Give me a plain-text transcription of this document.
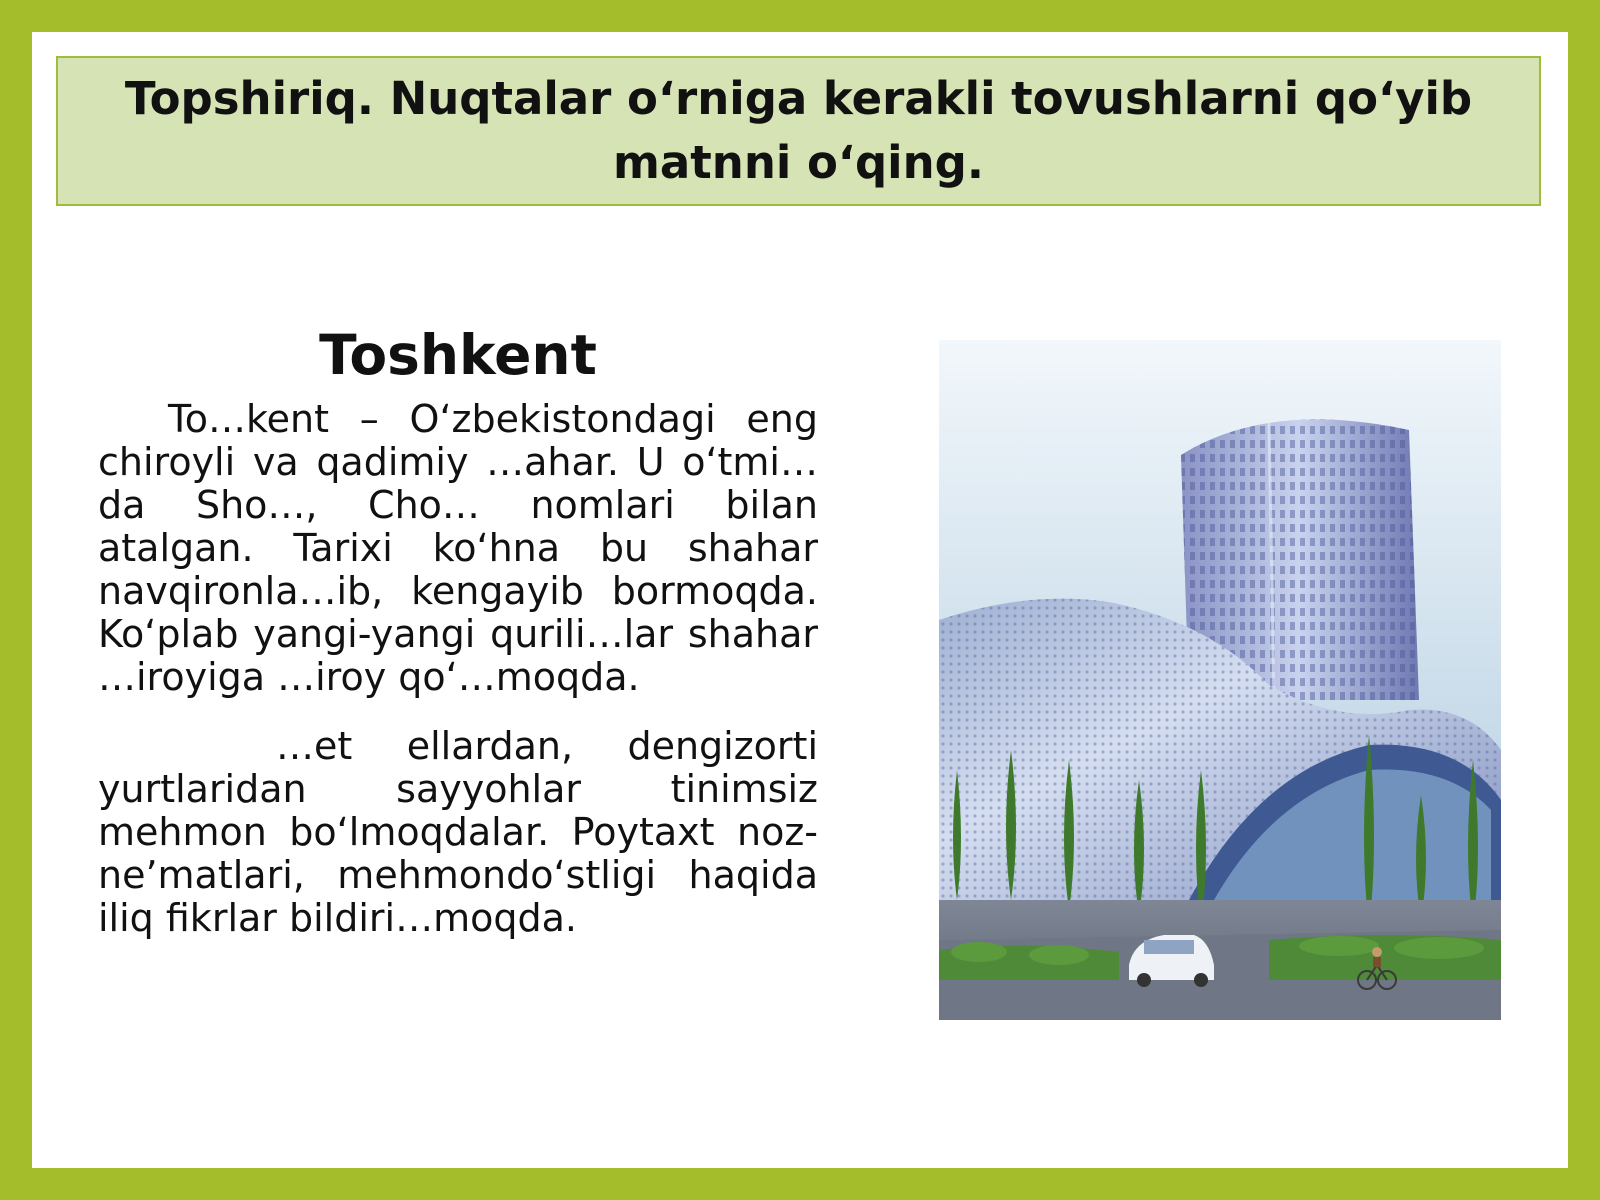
Topshiriq. Nuqtalar o‘rniga kerakli tovushlarni qo‘yib matnni o‘qing.
Toshkent

To…kent – O‘zbekistondagi eng chiroyli va qadimiy …ahar. U o‘tmi…da Sho…, Cho… nomlari bilan atalgan. Tarixi ko‘hna bu shahar navqironla…ib, kengayib bormoqda. Ko‘plab yangi-yangi qurili…lar shahar …iroyiga …iroy qo‘…moqda.

…et ellardan, dengizorti yurtlaridan sayyohlar tinimsiz mehmon bo‘lmoqdalar. Poytaxt noz-ne’matlari, mehmondo‘stligi haqida iliq fikrlar bildiri…moqda.
